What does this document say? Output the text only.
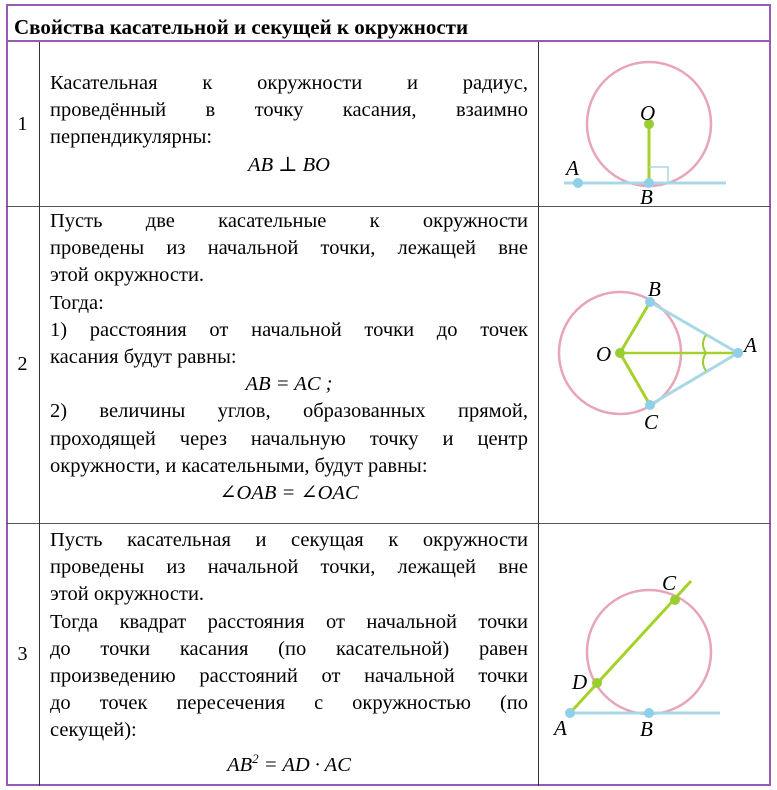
Свойства касательной и секущей к окружности
1
Касательная к окружности и радиус,
проведённый в точку касания, взаимно
перпендикулярны:
AB ⊥ BO
O
A
B
2
Пусть две касательные к окружности
проведены из начальной точки, лежащей вне
этой окружности.
Тогда:
1) расстояния от начальной точки до точек
касания будут равны:
AB = AC ;
2) величины углов, образованных прямой,
проходящей через начальную точку и центр
окружности, и касательными, будут равны:
∠OAB = ∠OAC
B
O	A
C
3
Пусть касательная и секущая к окружности
проведены из начальной точки, лежащей вне
этой окружности.
Тогда квадрат расстояния от начальной точки
до точки касания (по касательной) равен
произведению расстояний от начальной точки
до точек пересечения с окружностью (по
секущей):
$AB^2$ = AD · AC
C
D
A	B
